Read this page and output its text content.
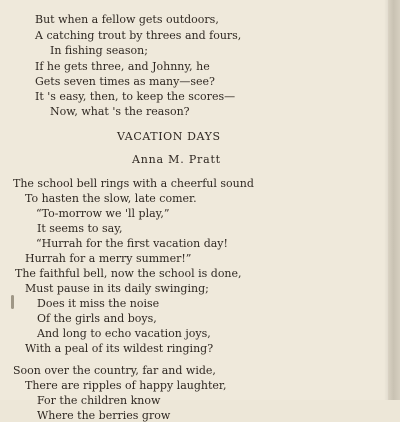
But when a fellow gets outdoors,
A catching trout by threes and fours,
In fishing season;
If he gets three, and Johnny, he
Gets seven times as many—see?
It 's easy, then, to keep the scores—
Now, what 's the reason?
VACATION DAYS
Anna M. Pratt
The school bell rings with a cheerful sound
To hasten the slow, late comer.
“To-morrow we 'll play,”
It seems to say,
“Hurrah for the first vacation day!
Hurrah for a merry summer!”
The faithful bell, now the school is done,
Must pause in its daily swinging;
Does it miss the noise
Of the girls and boys,
And long to echo vacation joys,
With a peal of its wildest ringing?
Soon over the country, far and wide,
There are ripples of happy laughter,
For the children know
Where the berries grow
